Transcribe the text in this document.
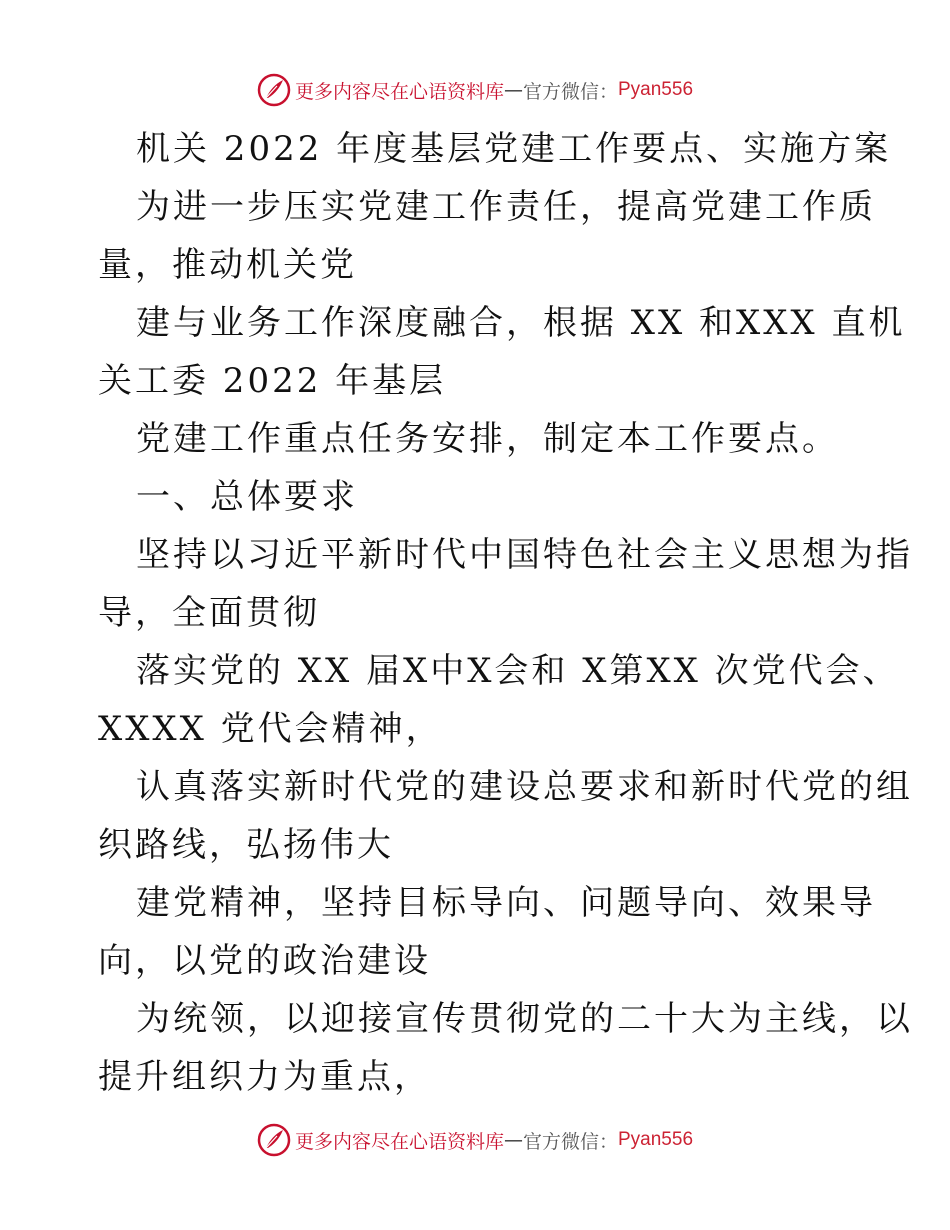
更多内容尽在心语资料库 — 官方微信： Pyan556
机关 2022 年度基层党建工作要点、实施方案
为进一步压实党建工作责任，提高党建工作质
量，推动机关党
建与业务工作深度融合，根据 XX 和XXX 直机
关工委 2022 年基层
党建工作重点任务安排，制定本工作要点。
一、总体要求
坚持以习近平新时代中国特色社会主义思想为指
导，全面贯彻
落实党的 XX 届X中X会和 X第XX 次党代会、
XXXX 党代会精神，
认真落实新时代党的建设总要求和新时代党的组
织路线，弘扬伟大
建党精神，坚持目标导向、问题导向、效果导
向，以党的政治建设
为统领，以迎接宣传贯彻党的二十大为主线，以
提升组织力为重点，
更多内容尽在心语资料库 — 官方微信： Pyan556
